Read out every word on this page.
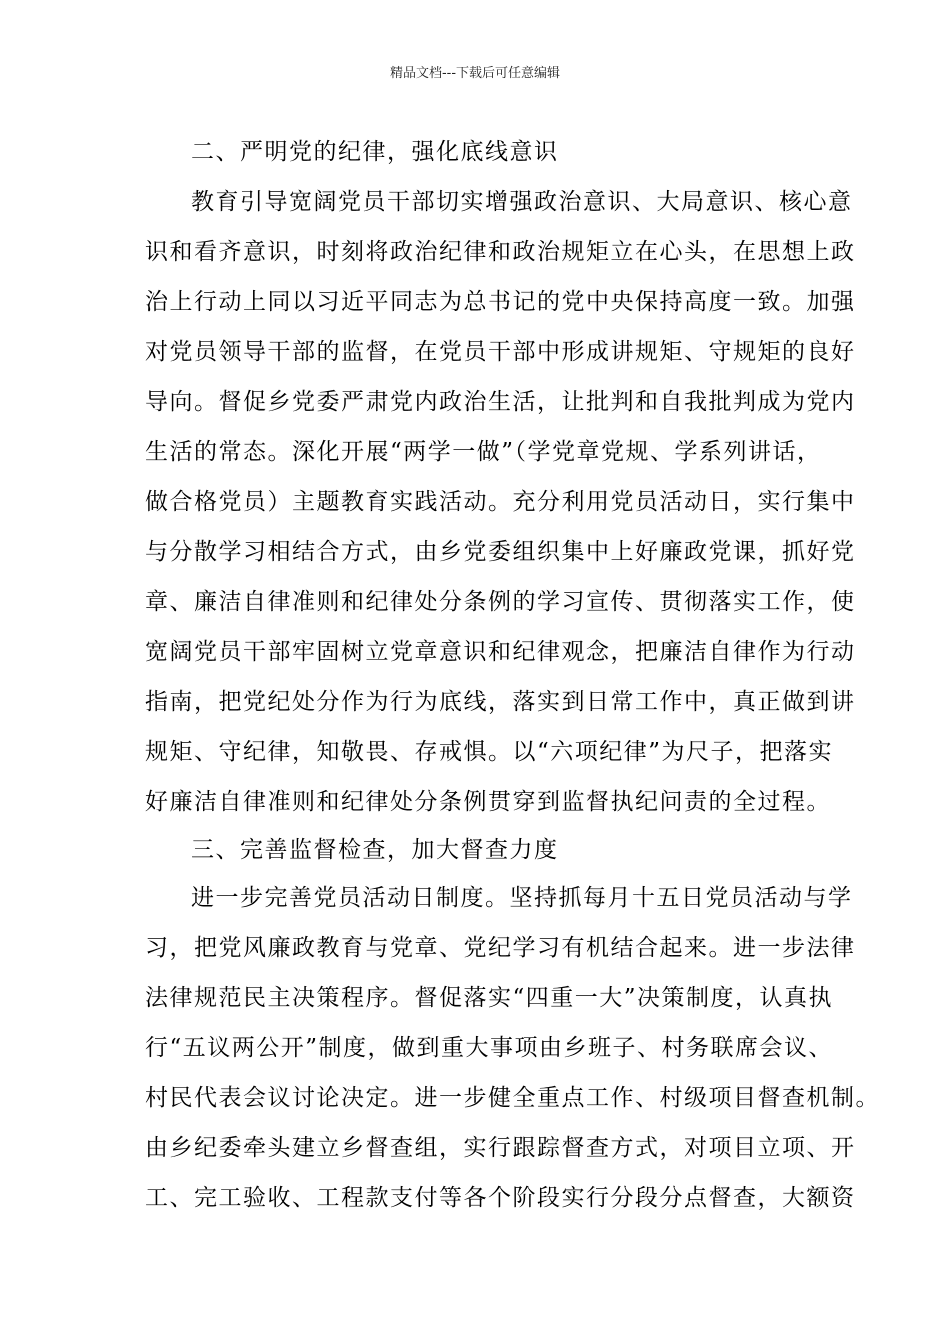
精品文档---下载后可任意编辑
二、严明党的纪律，强化底线意识
教育引导宽阔党员干部切实增强政治意识、大局意识、核心意
识和看齐意识，时刻将政治纪律和政治规矩立在心头，在思想上政
治上行动上同以习近平同志为总书记的党中央保持高度一致。加强
对党员领导干部的监督，在党员干部中形成讲规矩、守规矩的良好
导向。督促乡党委严肃党内政治生活，让批判和自我批判成为党内
生活的常态。深化开展“两学一做”（学党章党规、学系列讲话，
做合格党员）主题教育实践活动。充分利用党员活动日，实行集中
与分散学习相结合方式，由乡党委组织集中上好廉政党课，抓好党
章、廉洁自律准则和纪律处分条例的学习宣传、贯彻落实工作，使
宽阔党员干部牢固树立党章意识和纪律观念，把廉洁自律作为行动
指南，把党纪处分作为行为底线，落实到日常工作中，真正做到讲
规矩、守纪律，知敬畏、存戒惧。以“六项纪律”为尺子，把落实
好廉洁自律准则和纪律处分条例贯穿到监督执纪问责的全过程。
三、完善监督检查，加大督查力度
进一步完善党员活动日制度。坚持抓每月十五日党员活动与学
习，把党风廉政教育与党章、党纪学习有机结合起来。进一步法律
法律规范民主决策程序。督促落实“四重一大”决策制度，认真执
行“五议两公开”制度，做到重大事项由乡班子、村务联席会议、
村民代表会议讨论决定。进一步健全重点工作、村级项目督查机制。
由乡纪委牵头建立乡督查组，实行跟踪督查方式，对项目立项、开
工、完工验收、工程款支付等各个阶段实行分段分点督查，大额资
